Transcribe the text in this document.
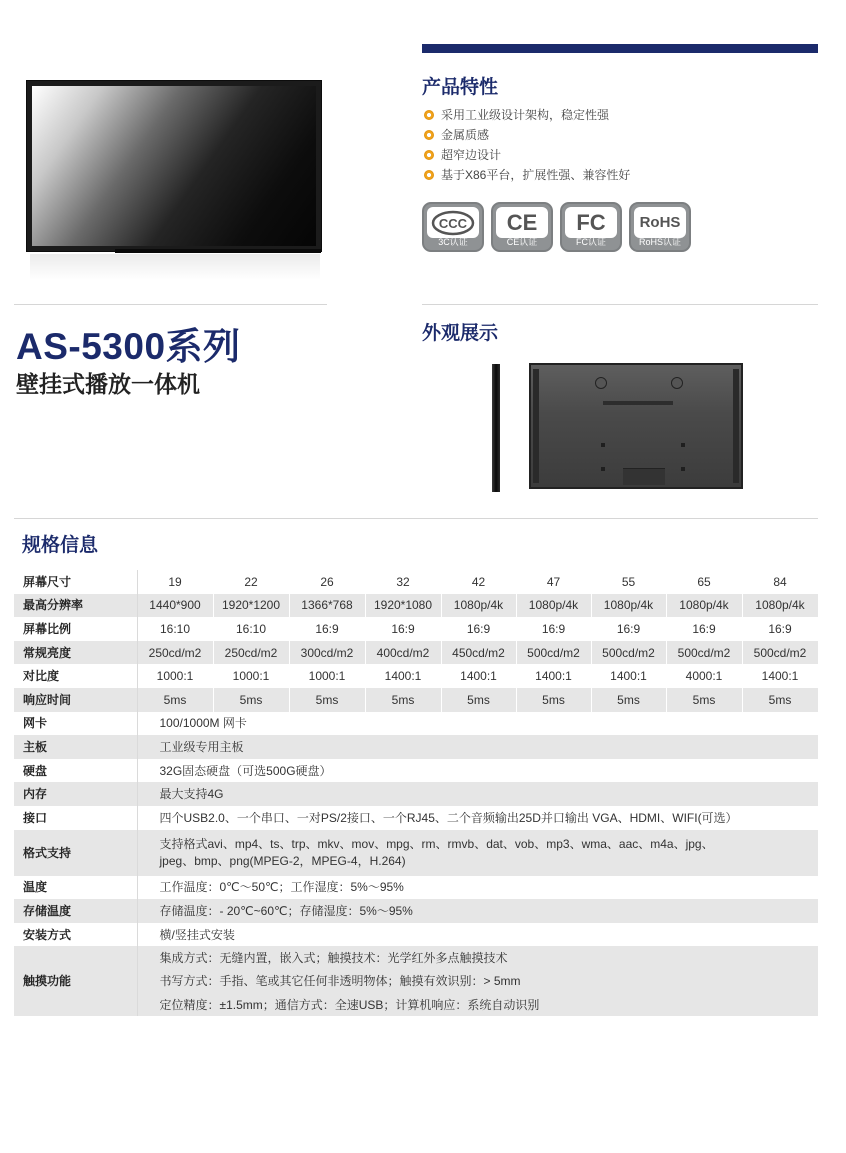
产品特性
采用工业级设计架构，稳定性强
金属质感
超窄边设计
基于X86平台，扩展性强、兼容性好
CCC
3C认证
CE
CE认证
FC
FC认证
RoHS
RoHS认证
AS-5300系列
壁挂式播放一体机
外观展示
规格信息
屏幕尺寸	19	22	26	32	42	47	55	65	84
最高分辨率	1440*900	1920*1200	1366*768	1920*1080	1080p/4k	1080p/4k	1080p/4k	1080p/4k	1080p/4k
屏幕比例	16:10	16:10	16:9	16:9	16:9	16:9	16:9	16:9	16:9
常规亮度	250cd/m2	250cd/m2	300cd/m2	400cd/m2	450cd/m2	500cd/m2	500cd/m2	500cd/m2	500cd/m2
对比度	1000:1	1000:1	1000:1	1400:1	1400:1	1400:1	1400:1	4000:1	1400:1
响应时间	5ms	5ms	5ms	5ms	5ms	5ms	5ms	5ms	5ms
网卡	100/1000M 网卡								
主板	工业级专用主板								
硬盘	32G固态硬盘（可选500G硬盘）								
内存	最大支持4G								
接口	四个USB2.0、一个串口、一对PS/2接口、一个RJ45、二个音频输出25D并口输出 VGA、HDMI、WIFI(可选）								
格式支持	支持格式avi、mp4、ts、trp、mkv、mov、mpg、rm、rmvb、dat、vob、mp3、wma、aac、m4a、jpg、
jpeg、bmp、png(MPEG-2，MPEG-4，H.264)								

温度	工作温度：0℃～50℃；工作湿度：5%～95%								
存储温度	存储温度：- 20℃~60℃；存储湿度：5%～95%								
安装方式	横/竖挂式安装								
触摸功能	集成方式：无缝内置，嵌入式；触摸技术：光学红外多点触摸技术								
	书写方式：手指、笔或其它任何非透明物体；触摸有效识别：> 5mm								
	定位精度：±1.5mm；通信方式：全速USB；计算机响应：系统自动识别								
